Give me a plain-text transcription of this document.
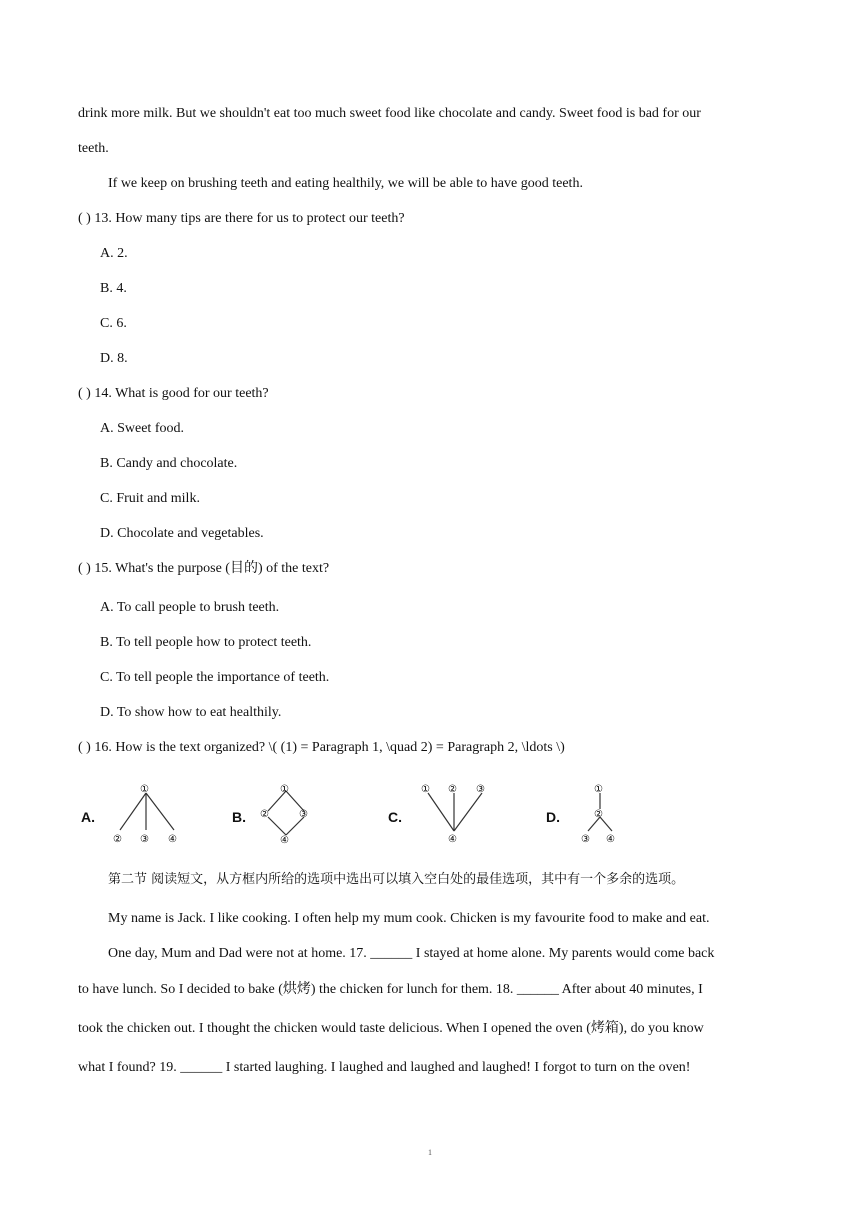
drink more milk. But we shouldn't eat too much sweet food like chocolate and candy. Sweet food is bad for our
teeth.
If we keep on brushing teeth and eating healthily, we will be able to have good teeth.
( ) 13. How many tips are there for us to protect our teeth?
A. 2.
B. 4.
C. 6.
D. 8.
( ) 14. What is good for our teeth?
A. Sweet food.
B. Candy and chocolate.
C. Fruit and milk.
D. Chocolate and vegetables.
( ) 15. What's the purpose (目的) of the text?
A. To call people to brush teeth.
B. To tell people how to protect teeth.
C. To tell people the importance of teeth.
D. To show how to eat healthily.
( ) 16. How is the text organized? \( (1) = Paragraph 1, \quad 2) = Paragraph 2, \ldots \)
A.
①
② ③ ④
B.
①
②	③
④
C.
① ② ③
④
D.
①
②
③ ④
第二节 阅读短文，从方框内所给的选项中选出可以填入空白处的最佳选项，其中有一个多余的选项。
My name is Jack. I like cooking. I often help my mum cook. Chicken is my favourite food to make and eat.
One day, Mum and Dad were not at home. 17. ______ I stayed at home alone. My parents would come back
to have lunch. So I decided to bake (烘烤) the chicken for lunch for them. 18. ______ After about 40 minutes, I
took the chicken out. I thought the chicken would taste delicious. When I opened the oven (烤箱), do you know
what I found? 19. ______ I started laughing. I laughed and laughed and laughed! I forgot to turn on the oven!
1
